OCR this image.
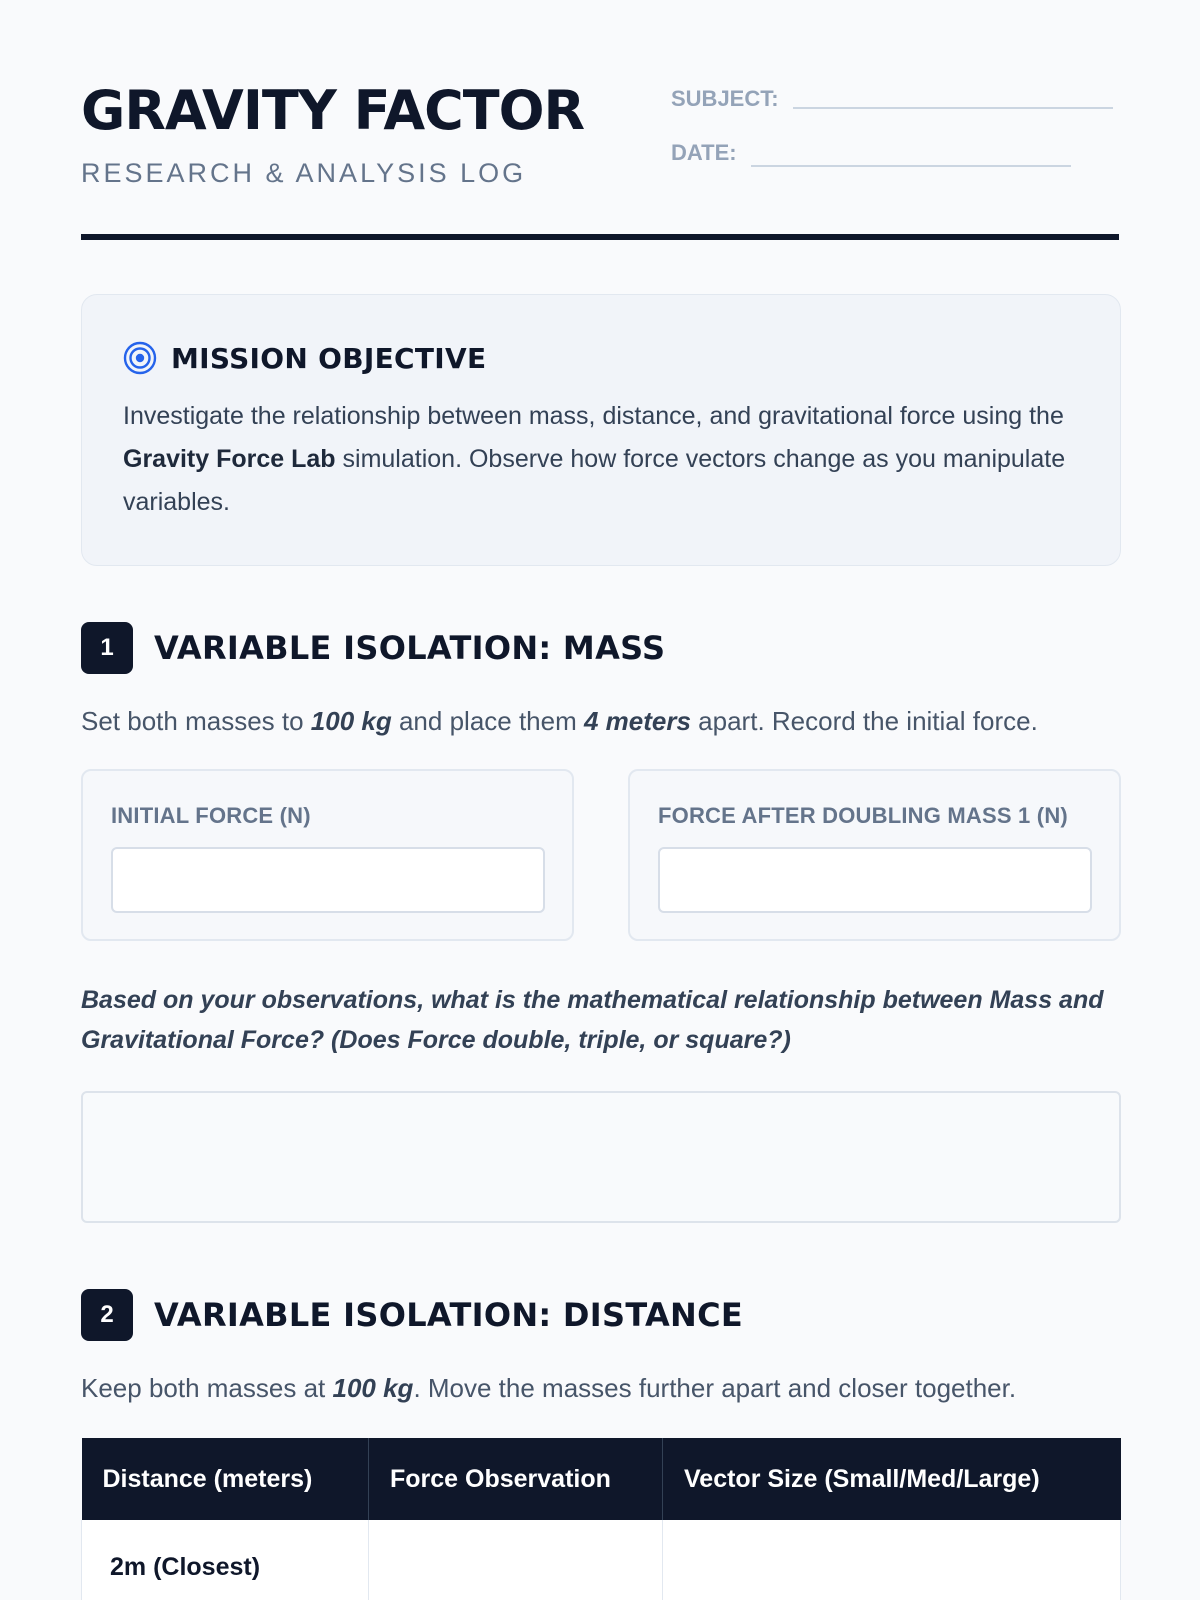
GRAVITY FACTOR
RESEARCH & ANALYSIS LOG
SUBJECT:
DATE:
MISSION OBJECTIVE

Investigate the relationship between mass, distance, and gravitational force using the Gravity Force Lab simulation. Observe how force vectors change as you manipulate variables.

1	VARIABLE ISOLATION: MASS

Set both masses to 100 kg and place them 4 meters apart. Record the initial force.

INITIAL FORCE (N)	FORCE AFTER DOUBLING MASS 1 (N)

Based on your observations, what is the mathematical relationship between Mass and Gravitational Force? (Does Force double, triple, or square?)

2	VARIABLE ISOLATION: DISTANCE

Keep both masses at 100 kg. Move the masses further apart and closer together.

Distance (meters)	Force Observation	Vector Size (Small/Med/Large)
2m (Closest)		
